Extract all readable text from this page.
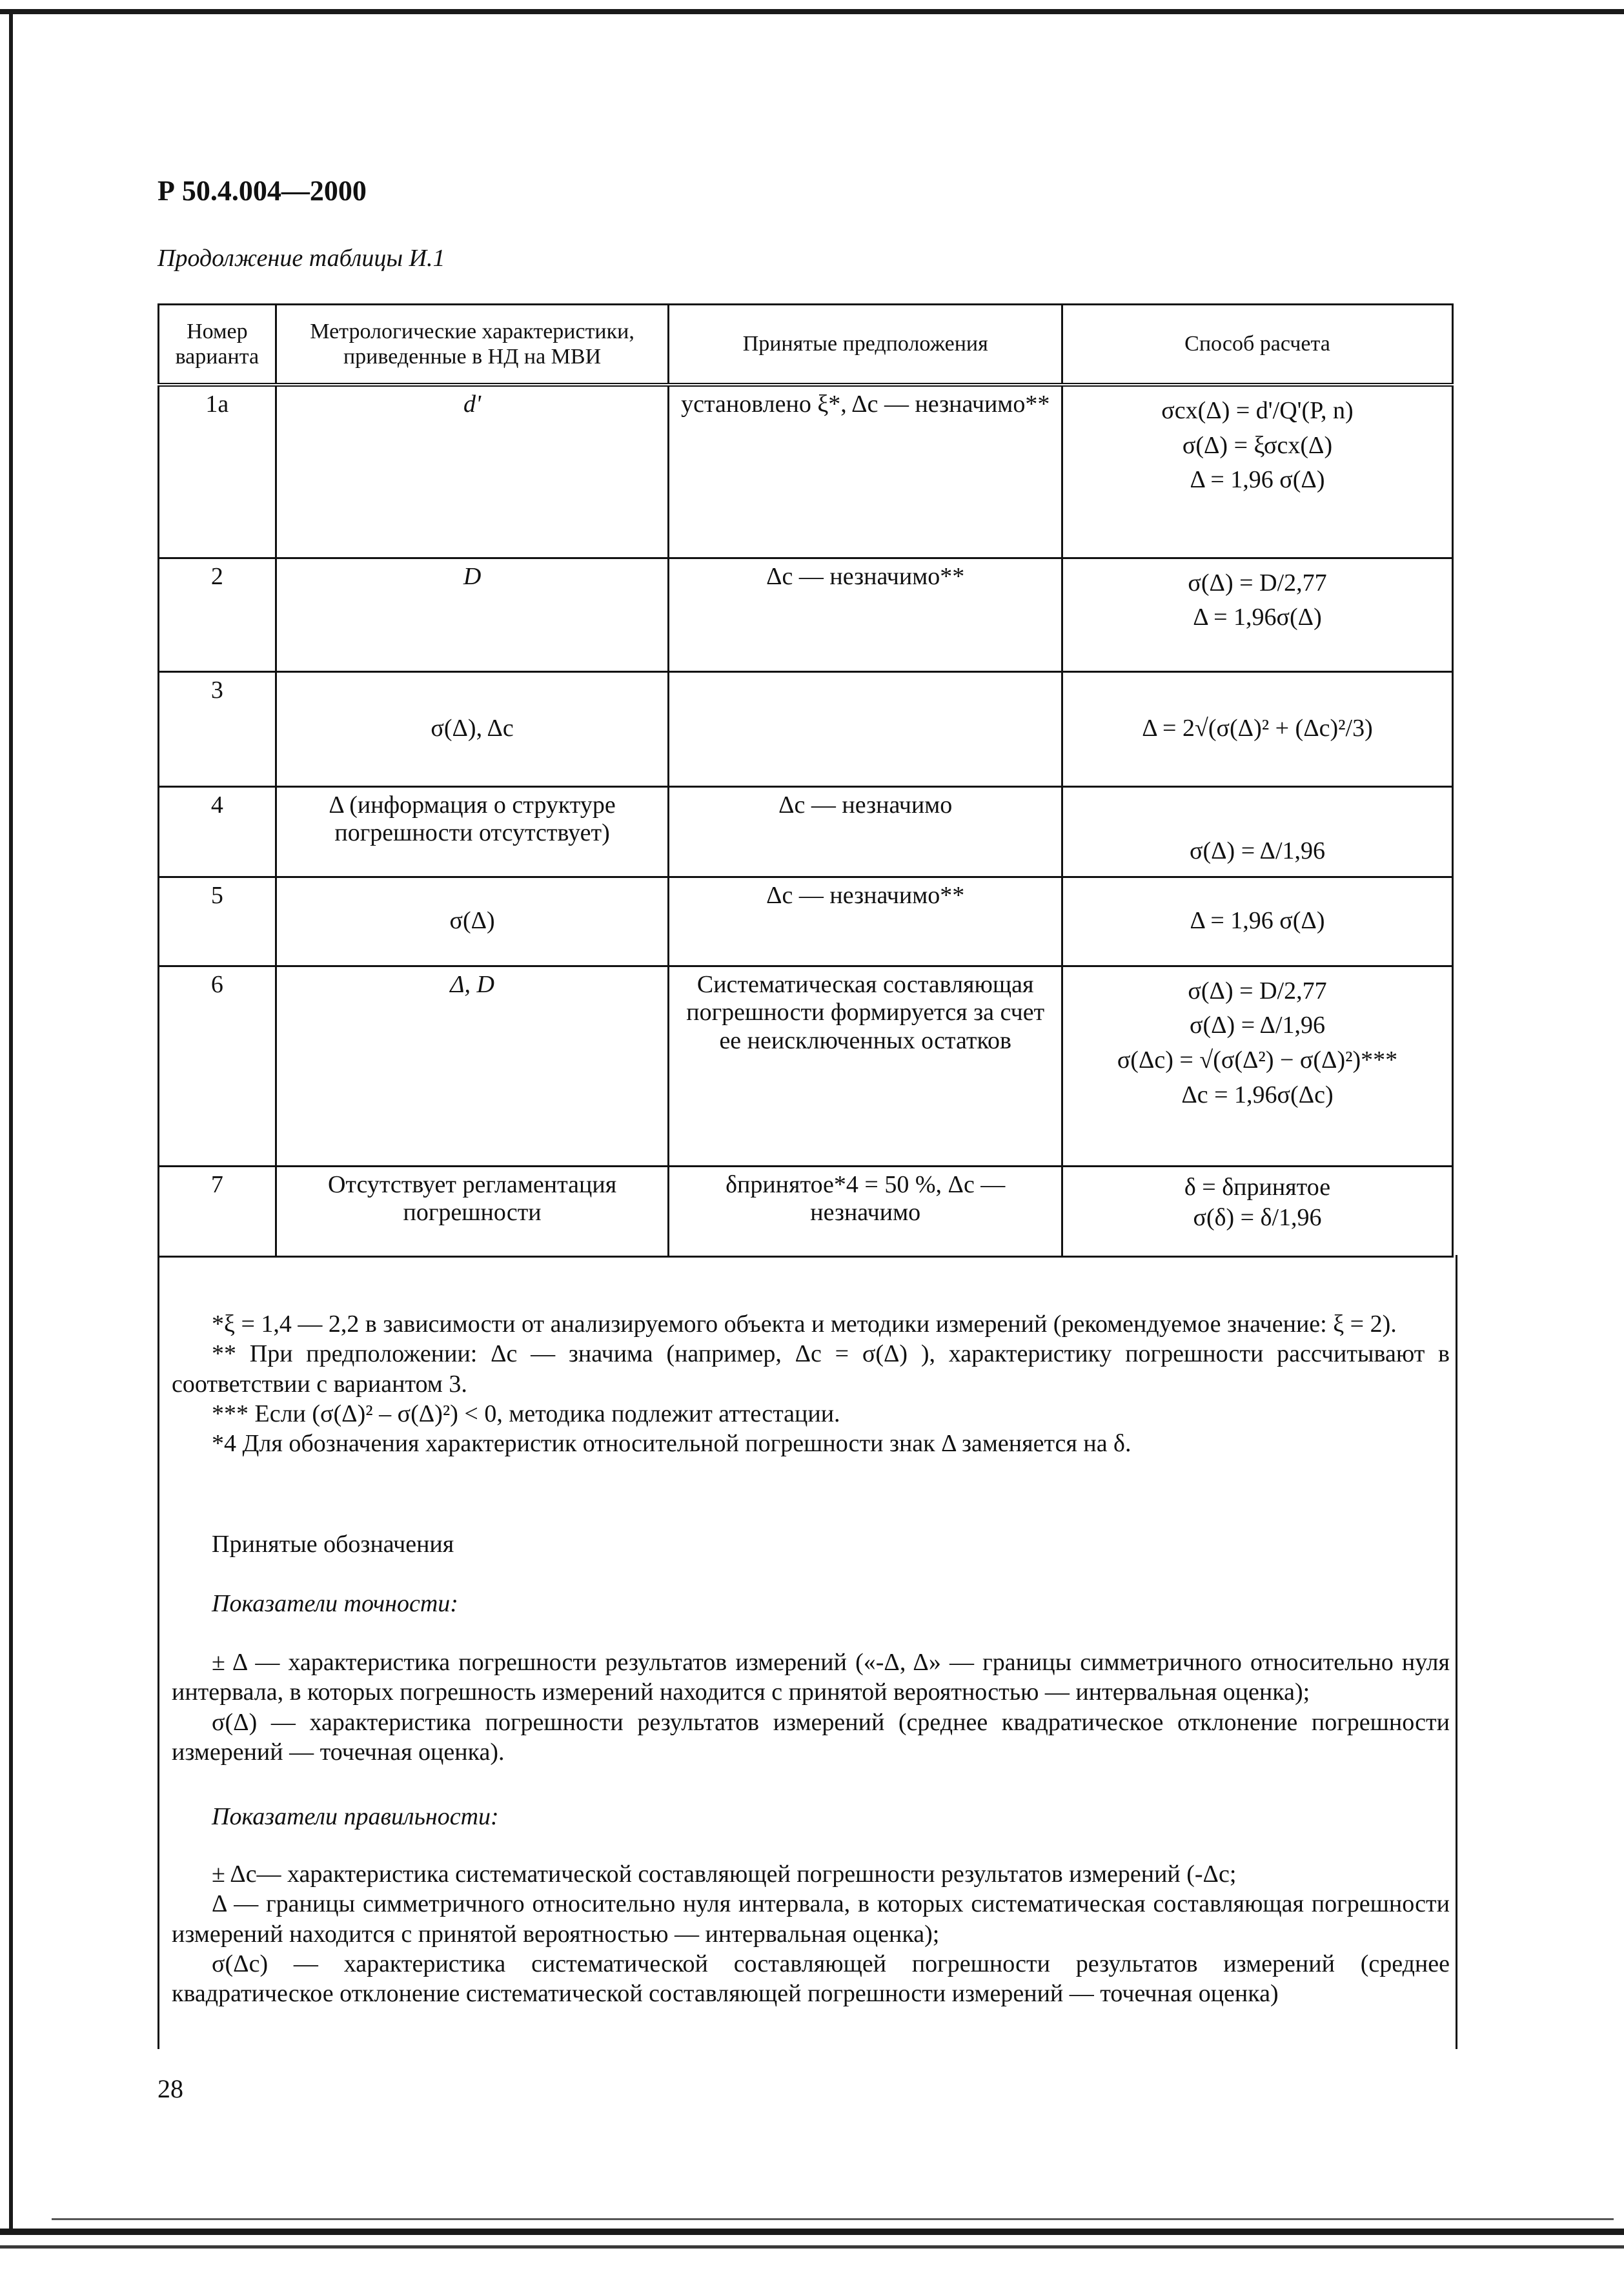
Р 50.4.004—2000
Продолжение таблицы И.1
Номер варианта	Метрологические характеристики, приведенные в НД на МВИ	Принятые предположения	Способ расчета
1а	d'	установлено ξ*, Δc — незначимо**	σcx(Δ) = d'/Q'(P, n)
σ(Δ) = ξσcx(Δ)
Δ = 1,96 σ(Δ)

2	D	Δc — незначимо**	σ(Δ) = D/2,77
Δ = 1,96σ(Δ)

3	σ(Δ), Δc		Δ = 2√(σ(Δ)² + (Δc)²/3)

4	Δ (информация о структуре погрешности отсутствует)	Δc — незначимо	σ(Δ) = Δ/1,96

5	σ(Δ)	Δc — незначимо**	Δ = 1,96 σ(Δ)

6	Δ, D	Систематическая составляющая погрешности формируется за счет ее неисключенных остатков	σ(Δ) = D/2,77
σ(Δ) = Δ/1,96
σ(Δc) = √(σ(Δ²) − σ(Δ)²)***
Δc = 1,96σ(Δc)

7	Отсутствует регламентация погрешности	δпринятое*4 = 50 %, Δc — незначимо	δ = δпринятое
σ(δ) = δ/1,96

*ξ = 1,4 — 2,2 в зависимости от анализируемого объекта и методики измерений (рекомендуемое значение: ξ = 2).

** При предположении: Δc — значима (например, Δc = σ(Δ) ), характеристику погрешности рассчитывают в соответствии с вариантом 3.

*** Если (σ(Δ)² – σ(Δ)²) < 0, методика подлежит аттестации.

*4 Для обозначения характеристик относительной погрешности знак Δ заменяется на δ.

Принятые обозначения
Показатели точности:

± Δ — характеристика погрешности результатов измерений («-Δ, Δ» — границы симметричного относительно нуля интервала, в которых погрешность измерений находится с принятой вероятностью — интервальная оценка);

σ(Δ) — характеристика погрешности результатов измерений (среднее квадратическое отклонение погрешности измерений — точечная оценка).

Показатели правильности:

± Δc— характеристика систематической составляющей погрешности результатов измерений (-Δc;

Δ — границы симметричного относительно нуля интервала, в которых систематическая составляющая погрешности измерений находится с принятой вероятностью — интервальная оценка);

σ(Δc) — характеристика систематической составляющей погрешности результатов измерений (среднее квадратическое отклонение систематической составляющей погрешности измерений — точечная оценка)

28
